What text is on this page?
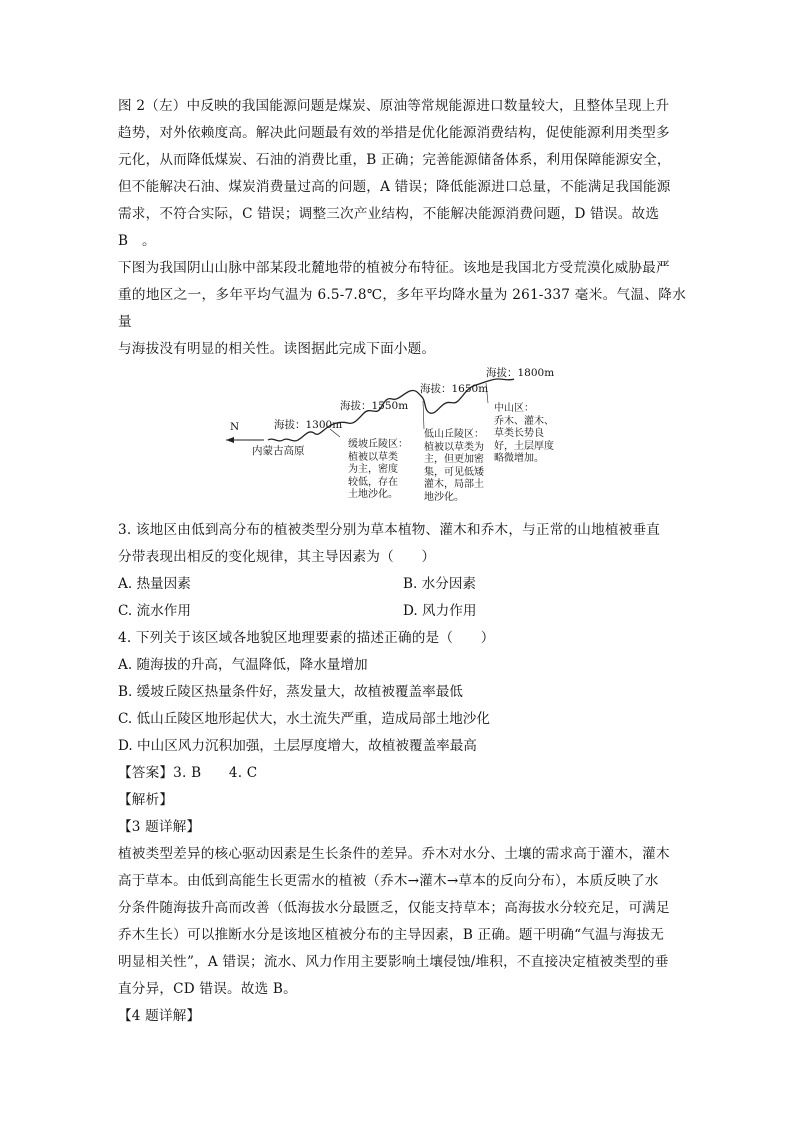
图 2（左）中反映的我国能源问题是煤炭、原油等常规能源进口数量较大，且整体呈现上升

趋势，对外依赖度高。解决此问题最有效的举措是优化能源消费结构，促使能源利用类型多

元化，从而降低煤炭、石油的消费比重，B 正确；完善能源储备体系，利用保障能源安全，

但不能解决石油、煤炭消费量过高的问题，A 错误；降低能源进口总量，不能满足我国能源

需求，不符合实际，C 错误；调整三次产业结构，不能解决能源消费问题，D 错误。故选

B　。

下图为我国阴山山脉中部某段北麓地带的植被分布特征。该地是我国北方受荒漠化威胁最严

重的地区之一，多年平均气温为 6.5-7.8℃，多年平均降水量为 261-337 毫米。气温、降水量

与海拔没有明显的相关性。读图据此完成下面小题。

N	海拔：1300m
海拔：1550m
海拔：1650m
海拔：1800m
内蒙古高原
缓坡丘陵区：
植被以草类
为主，密度
较低，存在
土地沙化。
低山丘陵区：
植被以草类为
主，但更加密
集，可见低矮
灌木，局部土
地沙化。
中山区：
乔木、灌木、
草类长势良
好，土层厚度
略微增加。

3. 该地区由低到高分布的植被类型分别为草本植物、灌木和乔木，与正常的山地植被垂直

分带表现出相反的变化规律，其主导因素为（　　）

A. 热量因素	B. 水分因素
C. 流水作用	D. 风力作用

4. 下列关于该区域各地貌区地理要素的描述正确的是（　　）

A. 随海拔的升高，气温降低，降水量增加

B. 缓坡丘陵区热量条件好，蒸发量大，故植被覆盖率最低

C. 低山丘陵区地形起伏大，水土流失严重，造成局部土地沙化

D. 中山区风力沉积加强，土层厚度增大，故植被覆盖率最高

【答案】3. B　　4. C

【解析】

【3 题详解】

植被类型差异的核心驱动因素是生长条件的差异。乔木对水分、土壤的需求高于灌木，灌木

高于草本。由低到高能生长更需水的植被（乔木→灌木→草本的反向分布），本质反映了水

分条件随海拔升高而改善（低海拔水分最匮乏，仅能支持草本；高海拔水分较充足，可满足

乔木生长）可以推断水分是该地区植被分布的主导因素，B 正确。题干明确“气温与海拔无

明显相关性”，A 错误；流水、风力作用主要影响土壤侵蚀/堆积，不直接决定植被类型的垂

直分异，CD 错误。故选 B。

【4 题详解】
